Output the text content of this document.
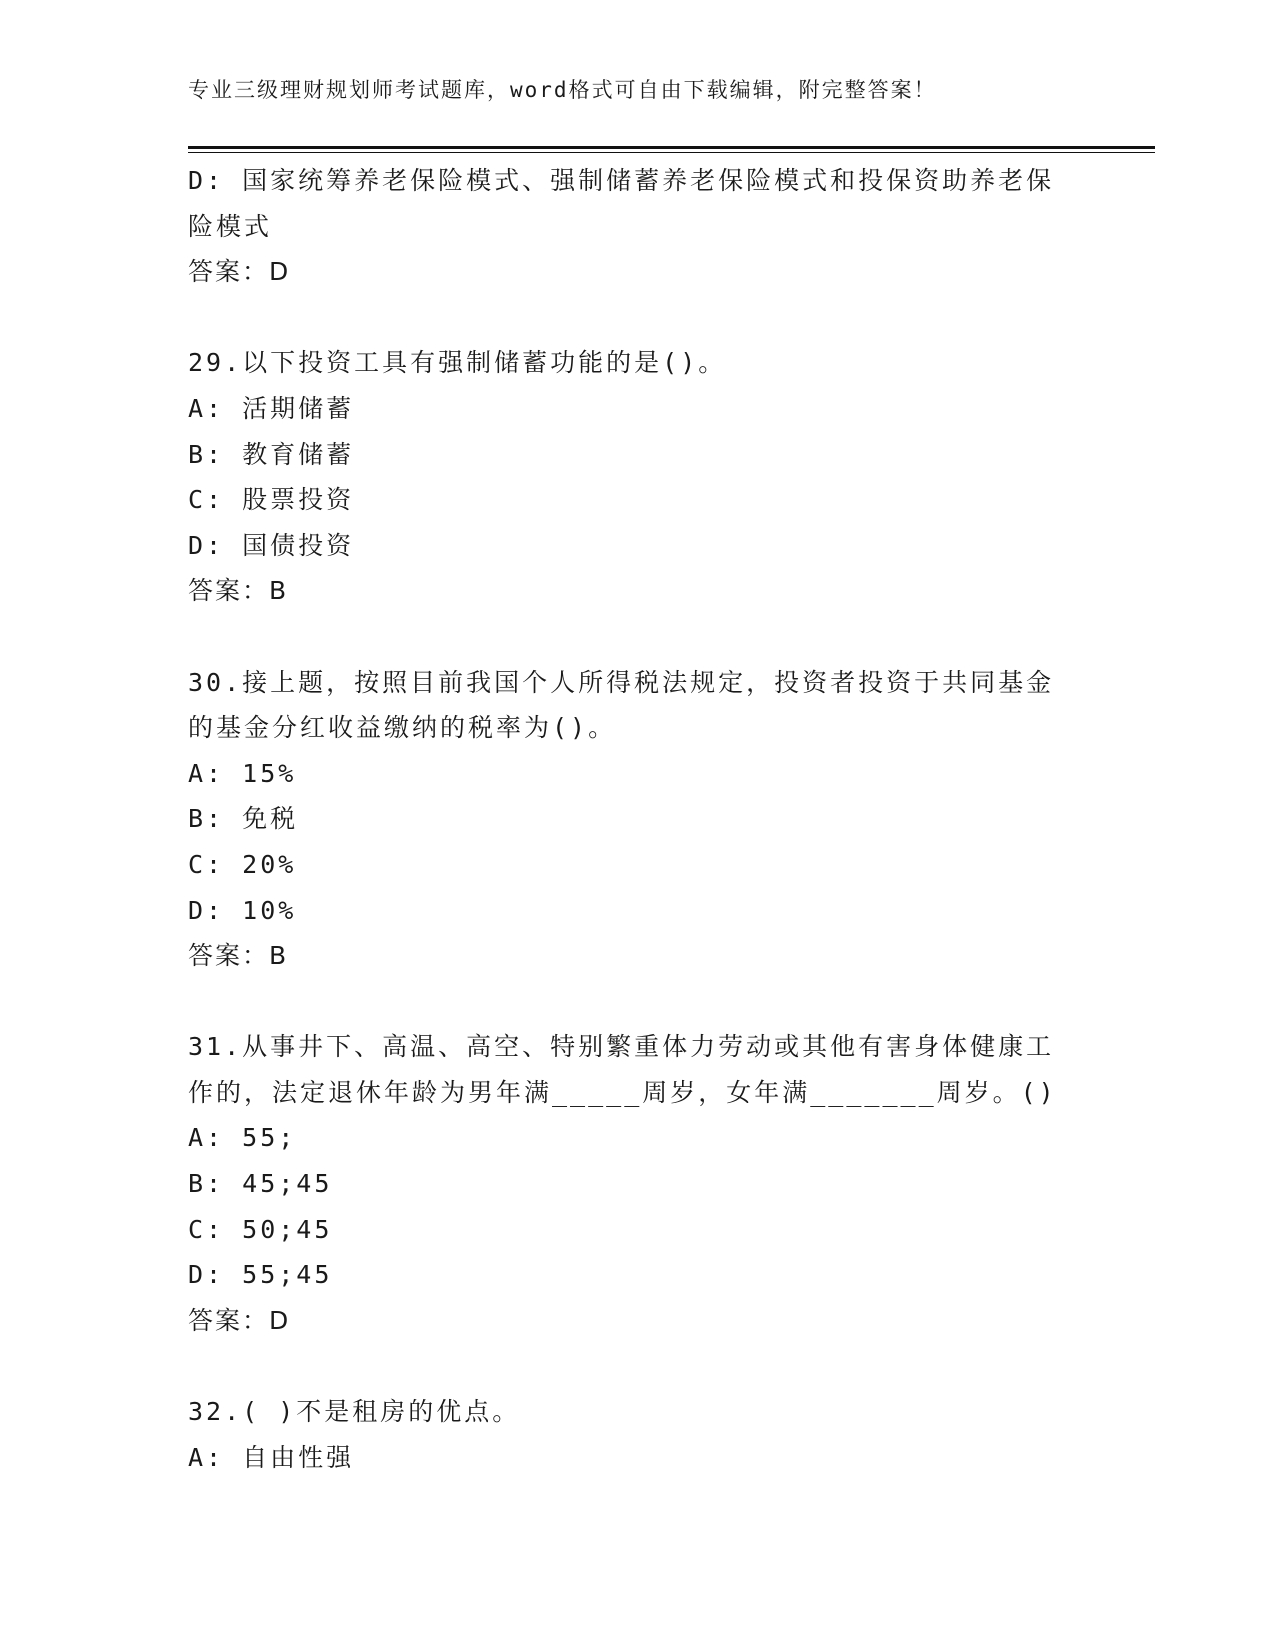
专业三级理财规划师考试题库，word格式可自由下载编辑，附完整答案！
D: 国家统筹养老保险模式、强制储蓄养老保险模式和投保资助养老保
险模式
答案：D
29.以下投资工具有强制储蓄功能的是()。
A: 活期储蓄
B: 教育储蓄
C: 股票投资
D: 国债投资
答案：B
30.接上题，按照目前我国个人所得税法规定，投资者投资于共同基金
的基金分红收益缴纳的税率为()。
A: 15%
B: 免税
C: 20%
D: 10%
答案：B
31.从事井下、高温、高空、特别繁重体力劳动或其他有害身体健康工
作的，法定退休年龄为男年满_____周岁，女年满_______周岁。()
A: 55;
B: 45;45
C: 50;45
D: 55;45
答案：D
32.( )不是租房的优点。
A: 自由性强
